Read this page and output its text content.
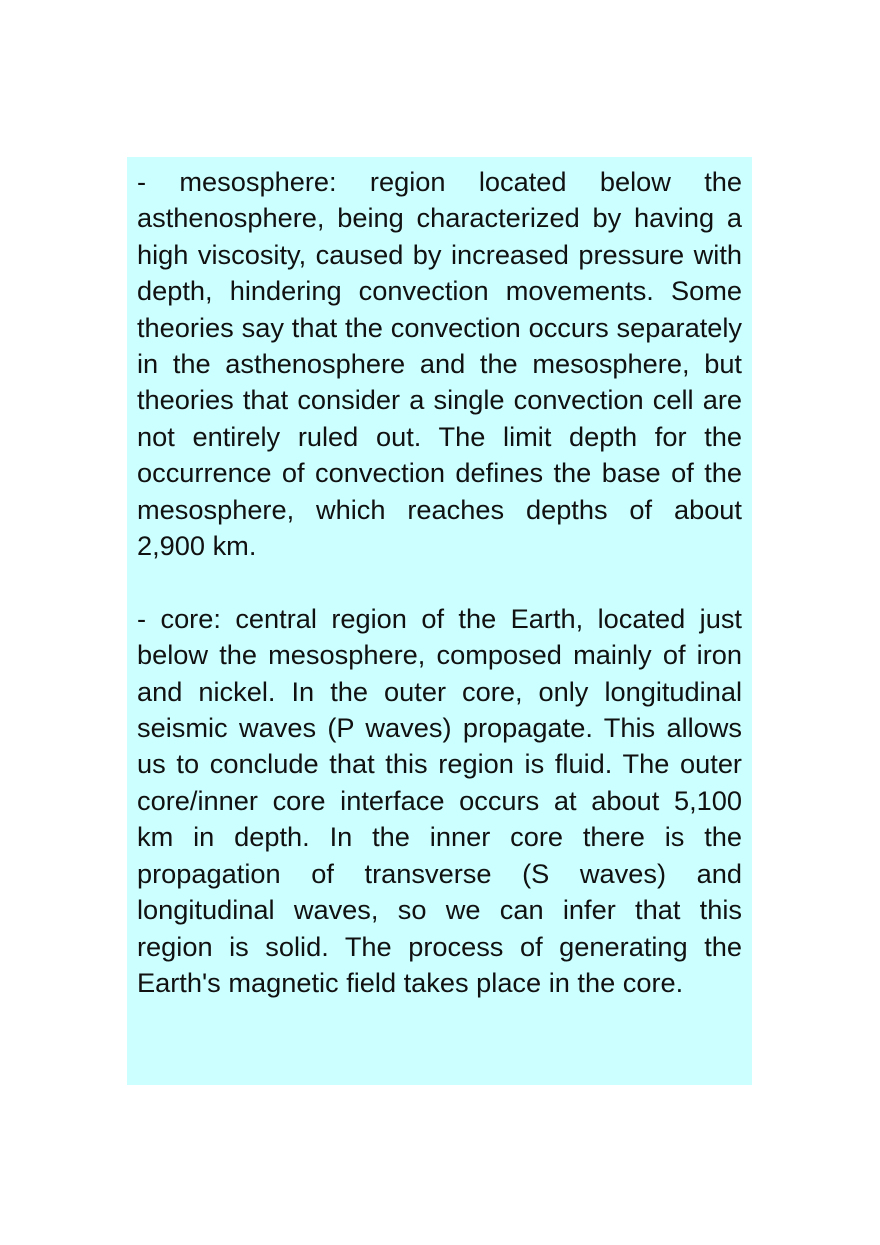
- mesosphere: region located below the asthenosphere, being characterized by having a high viscosity, caused by increased pressure with depth, hindering convection movements. Some theories say that the convection occurs separately in the asthenosphere and the mesosphere, but theories that consider a single convection cell are not entirely ruled out. The limit depth for the occurrence of convection defines the base of the mesosphere, which reaches depths of about 2,900 km.

- core: central region of the Earth, located just below the mesosphere, composed mainly of iron and nickel. In the outer core, only longitudinal seismic waves (P waves) propagate. This allows us to conclude that this region is fluid. The outer core/inner core interface occurs at about 5,100 km in depth. In the inner core there is the propagation of transverse (S waves) and longitudinal waves, so we can infer that this region is solid. The process of generating the Earth's magnetic field takes place in the core.
